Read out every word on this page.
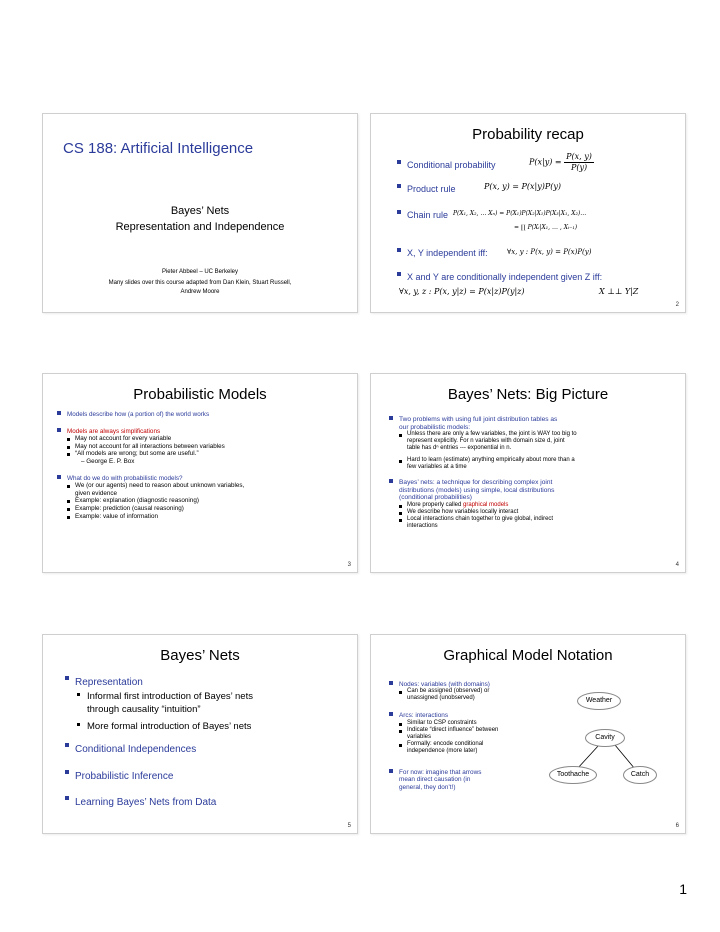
CS 188: Artificial Intelligence
Bayes’ Nets
Representation and Independence
Pieter Abbeel – UC Berkeley
Many slides over this course adapted from Dan Klein, Stuart Russell,
Andrew Moore
Probability recap
Conditional probability	$P(x|y) = \frac{P(x, y)}{P(y)}$
Product rule	P(x, y) = P(x|y)P(y)
Chain rule P(X₁, X₂, … Xₙ) = P(X₁)P(X₂|X₁)P(X₃|X₁, X₂)…
= ∏ P(Xᵢ|X₁, … , Xᵢ₋₁)
X, Y independent iff:	∀x, y : P(x, y) = P(x)P(y)
X and Y are conditionally independent given Z iff:
∀x, y, z : P(x, y|z) = P(x|z)P(y|z)	X ⊥⊥ Y|Z
2
Probabilistic Models
Models describe how (a portion of) the world works
Models are always simplifications
May not account for every variable
May not account for all interactions between variables
“All models are wrong; but some are useful.”
– George E. P. Box
What do we do with probabilistic models?
We (or our agents) need to reason about unknown variables,
given evidence
Example: explanation (diagnostic reasoning)
Example: prediction (causal reasoning)
Example: value of information
3
Bayes’ Nets: Big Picture
Two problems with using full joint distribution tables as
our probabilistic models:
Unless there are only a few variables, the joint is WAY too big to
represent explicitly. For n variables with domain size d, joint
table has dⁿ entries --- exponential in n.
Hard to learn (estimate) anything empirically about more than a
few variables at a time
Bayes’ nets: a technique for describing complex joint
distributions (models) using simple, local distributions
(conditional probabilities)
More properly called graphical models
We describe how variables locally interact
Local interactions chain together to give global, indirect
interactions
4
Bayes’ Nets
Representation
Informal first introduction of Bayes’ nets
through causality “intuition”
More formal introduction of Bayes’ nets
Conditional Independences
Probabilistic Inference
Learning Bayes’ Nets from Data
5
Graphical Model Notation
Nodes: variables (with domains)
Can be assigned (observed) or
unassigned (unobserved)
Arcs: interactions
Similar to CSP constraints
Indicate “direct influence” between
variables
Formally: encode conditional
independence (more later)
For now: imagine that arrows
mean direct causation (in
general, they don’t!)
Weather
Cavity
Toothache	Catch
6
1
